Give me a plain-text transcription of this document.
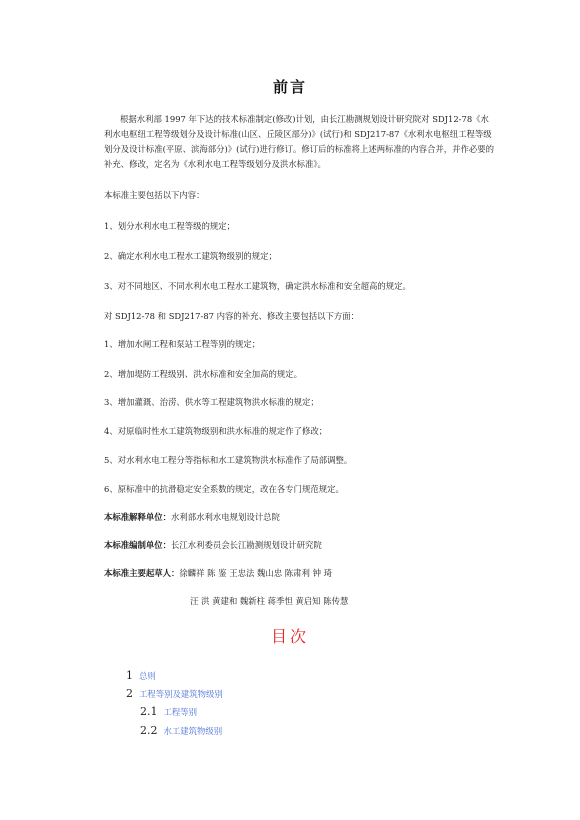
前言

根据水利部 1997 年下达的技术标准制定(修改)计划，由长江勘测规划设计研究院对 SDJ12-78《水利水电枢纽工程等级划分及设计标准(山区、丘陵区部分)》(试行)和 SDJ217-87《水利水电枢纽工程等级划分及设计标准(平原、滨海部分)》(试行)进行修订。修订后的标准将上述两标准的内容合并，并作必要的补充、修改，定名为《水利水电工程等级划分及洪水标准》。

本标准主要包括以下内容：
1、划分水利水电工程等级的规定；
2、确定水利水电工程水工建筑物级别的规定；
3、对不同地区、不同水利水电工程水工建筑物，确定洪水标准和安全超高的规定。
对 SDJ12-78 和 SDJ217-87 内容的补充、修改主要包括以下方面：
1、增加水闸工程和泵站工程等别的规定；
2、增加堤防工程级别、洪水标准和安全加高的规定。
3、增加灌溉、治涝、供水等工程建筑物洪水标准的规定；
4、对原临时性水工建筑物级别和洪水标准的规定作了修改；
5、对水利水电工程分等指标和水工建筑物洪水标准作了局部调整。
6、原标准中的抗滑稳定安全系数的规定，改在各专门规范规定。
本标准解释单位：水利部水利水电规划设计总院
本标准编制单位：长江水利委员会长江勘测规划设计研究院
本标准主要起草人：徐麟祥 陈 鉴 王忠法 魏山忠 陈肃利 钟 琦
汪 洪 黄建和 魏新柱 蒋季怛 黄启知 陈传慧
目次
1 总则
2 工程等别及建筑物级别
2.1 工程等别
2.2 水工建筑物级别
